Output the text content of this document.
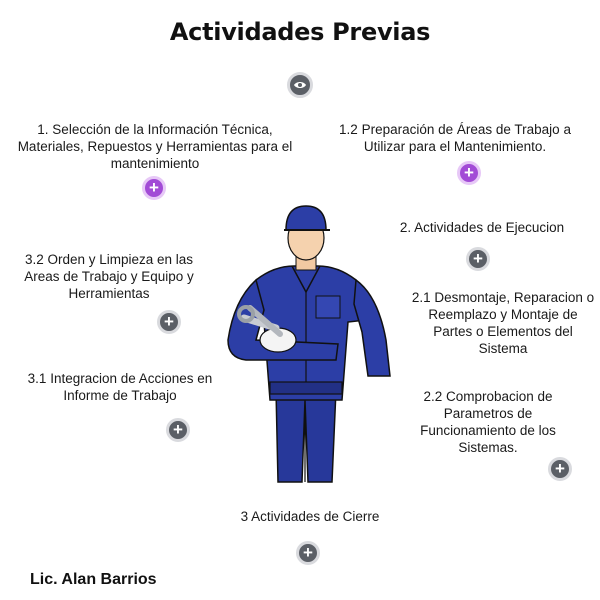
Actividades Previas
1. Selección de la Información Técnica, Materiales, Repuestos y Herramientas para el mantenimiento
+
1.2 Preparación de Áreas de Trabajo a Utilizar para el Mantenimiento.
+
2. Actividades de Ejecucion
+
2.1 Desmontaje, Reparacion o Reemplazo y Montaje de Partes o Elementos del Sistema
2.2 Comprobacion de Parametros de Funcionamiento de los Sistemas.
+
3 Actividades de Cierre
+
3.1 Integracion de Acciones en Informe de Trabajo
+
3.2 Orden y Limpieza en las Areas de Trabajo y Equipo y Herramientas
+
Lic. Alan Barrios
